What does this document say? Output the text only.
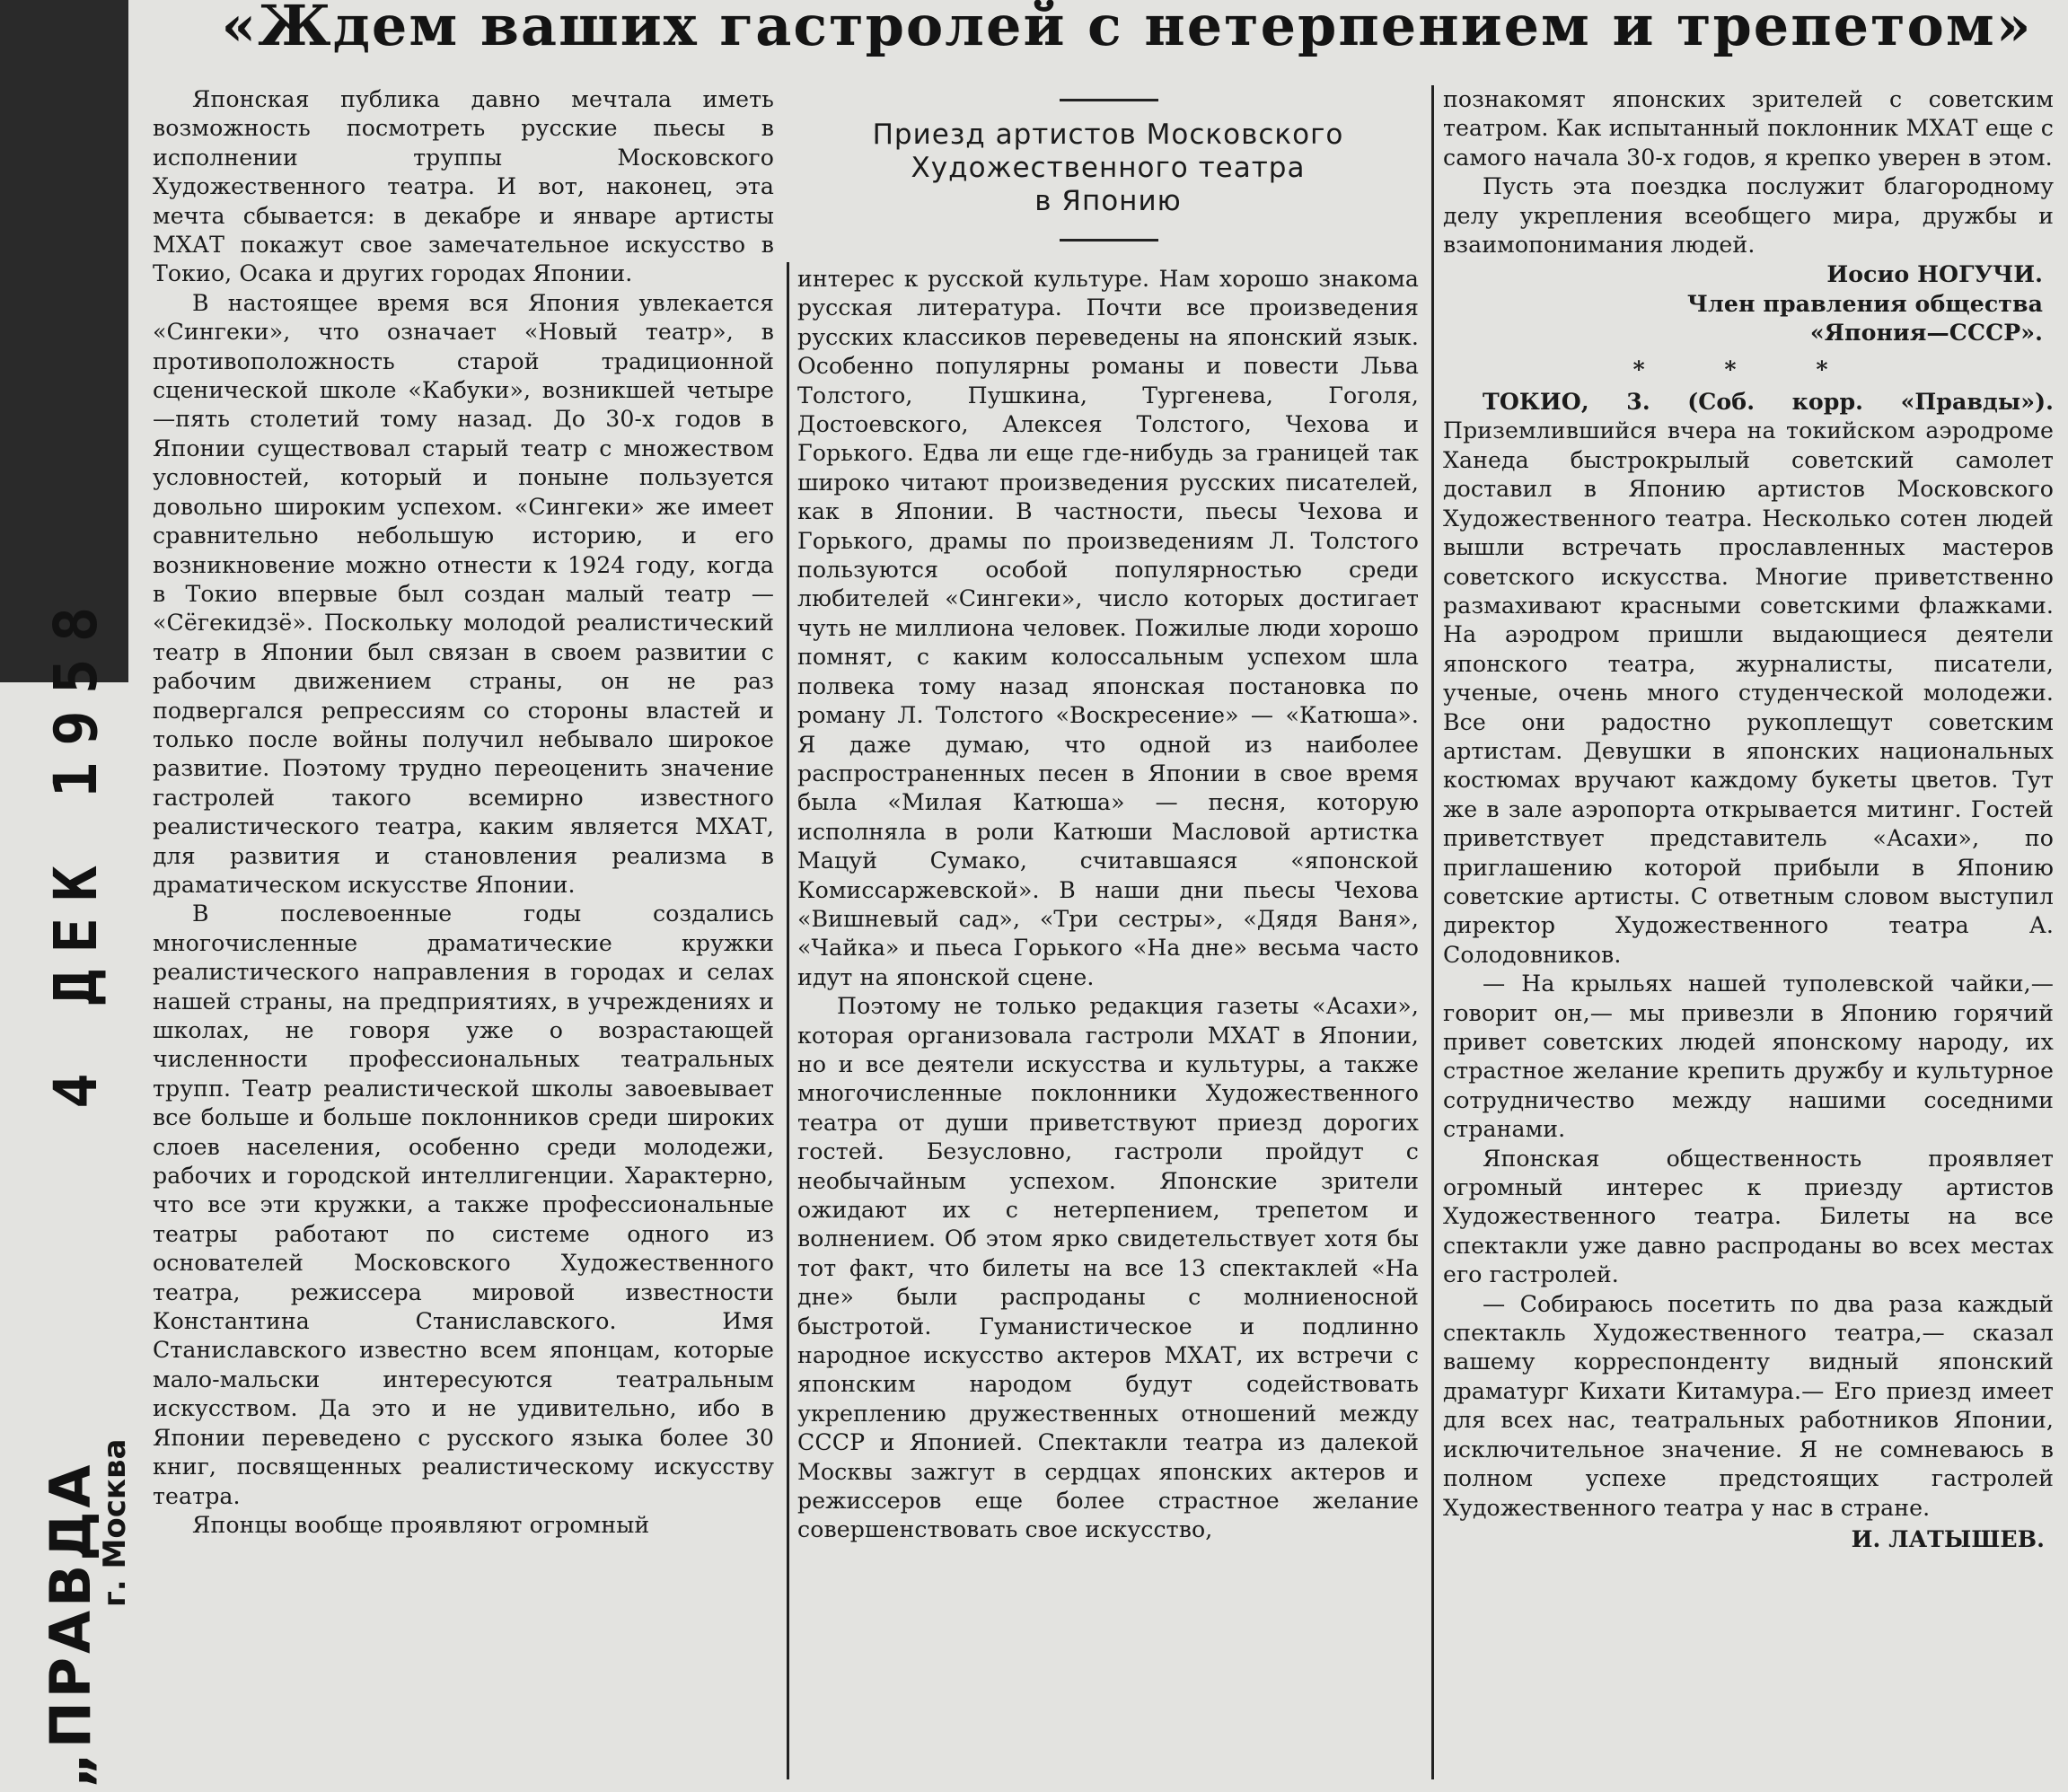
4 ДЕК 1958
„ПРАВДА
г. Москва
«Ждем ваших гастролей с нетерпением и трепетом»

Японская публика давно мечтала иметь возможность посмотреть русские пьесы в исполнении труппы Московского Художественного театра. И вот, наконец, эта мечта сбывается: в декабре и январе артисты МХАТ покажут свое замечательное искусство в Токио, Осака и других городах Японии.

В настоящее время вся Япония увлекается «Сингеки», что означает «Новый театр», в противоположность старой традиционной сценической школе «Кабуки», возникшей четыре—пять столетий тому назад. До 30-х годов в Японии существовал старый театр с множеством условностей, который и поныне пользуется довольно широким успехом. «Сингеки» же имеет сравнительно небольшую историю, и его возникновение можно отнести к 1924 году, когда в Токио впервые был создан малый театр — «Сёгекидзё». Поскольку молодой реалистический театр в Японии был связан в своем развитии с рабочим движением страны, он не раз подвергался репрессиям со стороны властей и только после войны получил небывало широкое развитие. Поэтому трудно переоценить значение гастролей такого всемирно известного реалистического театра, каким является МХАТ, для развития и становления реализма в драматическом искусстве Японии.

В послевоенные годы создались многочисленные драматические кружки реалистического направления в городах и селах нашей страны, на предприятиях, в учреждениях и школах, не говоря уже о возрастающей численности профессиональных театральных трупп. Театр реалистической школы завоевывает все больше и больше поклонников среди широких слоев населения, особенно среди молодежи, рабочих и городской интеллигенции. Характерно, что все эти кружки, а также профессиональные театры работают по системе одного из основателей Московского Художественного театра, режиссера мировой известности Константина Станиславского. Имя Станиславского известно всем японцам, которые мало-мальски интересуются театральным искусством. Да это и не удивительно, ибо в Японии переведено с русского языка более 30 книг, посвященных реалистическому искусству театра.

Японцы вообще проявляют огромный

Приезд артистов Московского
Художественного театра
в Японию

интерес к русской культуре. Нам хорошо знакома русская литература. Почти все произведения русских классиков переведены на японский язык. Особенно популярны романы и повести Льва Толстого, Пушкина, Тургенева, Гоголя, Достоевского, Алексея Толстого, Чехова и Горького. Едва ли еще где-нибудь за границей так широко читают произведения русских писателей, как в Японии. В частности, пьесы Чехова и Горького, драмы по произведениям Л. Толстого пользуются особой популярностью среди любителей «Сингеки», число которых достигает чуть не миллиона человек. Пожилые люди хорошо помнят, с каким колоссальным успехом шла полвека тому назад японская постановка по роману Л. Толстого «Воскресение» — «Катюша». Я даже думаю, что одной из наиболее распространенных песен в Японии в свое время была «Милая Катюша» — песня, которую исполняла в роли Катюши Масловой артистка Мацуй Сумако, считавшаяся «японской Комиссаржевской». В наши дни пьесы Чехова «Вишневый сад», «Три сестры», «Дядя Ваня», «Чайка» и пьеса Горького «На дне» весьма часто идут на японской сцене.

Поэтому не только редакция газеты «Асахи», которая организовала гастроли МХАТ в Японии, но и все деятели искусства и культуры, а также многочисленные поклонники Художественного театра от души приветствуют приезд дорогих гостей. Безусловно, гастроли пройдут с необычайным успехом. Японские зрители ожидают их с нетерпением, трепетом и волнением. Об этом ярко свидетельствует хотя бы тот факт, что билеты на все 13 спектаклей «На дне» были распроданы с молниеносной быстротой. Гуманистическое и подлинно народное искусство актеров МХАТ, их встречи с японским народом будут содействовать укреплению дружественных отношений между СССР и Японией. Спектакли театра из далекой Москвы зажгут в сердцах японских актеров и режиссеров еще более страстное желание совершенствовать свое искусство,

познакомят японских зрителей с советским театром. Как испытанный поклонник МХАТ еще с самого начала 30-х годов, я крепко уверен в этом.

Пусть эта поездка послужит благородному делу укрепления всеобщего мира, дружбы и взаимопонимания людей.

Иосио НОГУЧИ.

Член правления общества

«Япония—СССР».

* * *

ТОКИО, 3. (Соб. корр. «Правды»). Приземлившийся вчера на токийском аэродроме Ханеда быстрокрылый советский самолет доставил в Японию артистов Московского Художественного театра. Несколько сотен людей вышли встречать прославленных мастеров советского искусства. Многие приветственно размахивают красными советскими флажками. На аэродром пришли выдающиеся деятели японского театра, журналисты, писатели, ученые, очень много студенческой молодежи. Все они радостно рукоплещут советским артистам. Девушки в японских национальных костюмах вручают каждому букеты цветов. Тут же в зале аэропорта открывается митинг. Гостей приветствует представитель «Асахи», по приглашению которой прибыли в Японию советские артисты. С ответным словом выступил директор Художественного театра А. Солодовников.

— На крыльях нашей туполевской чайки,— говорит он,— мы привезли в Японию горячий привет советских людей японскому народу, их страстное желание крепить дружбу и культурное сотрудничество между нашими соседними странами.

Японская общественность проявляет огромный интерес к приезду артистов Художественного театра. Билеты на все спектакли уже давно распроданы во всех местах его гастролей.

— Собираюсь посетить по два раза каждый спектакль Художественного театра,— сказал вашему корреспонденту видный японский драматург Кихати Китамура.— Его приезд имеет для всех нас, театральных работников Японии, исключительное значение. Я не сомневаюсь в полном успехе предстоящих гастролей Художественного театра у нас в стране.

И. ЛАТЫШЕВ.
